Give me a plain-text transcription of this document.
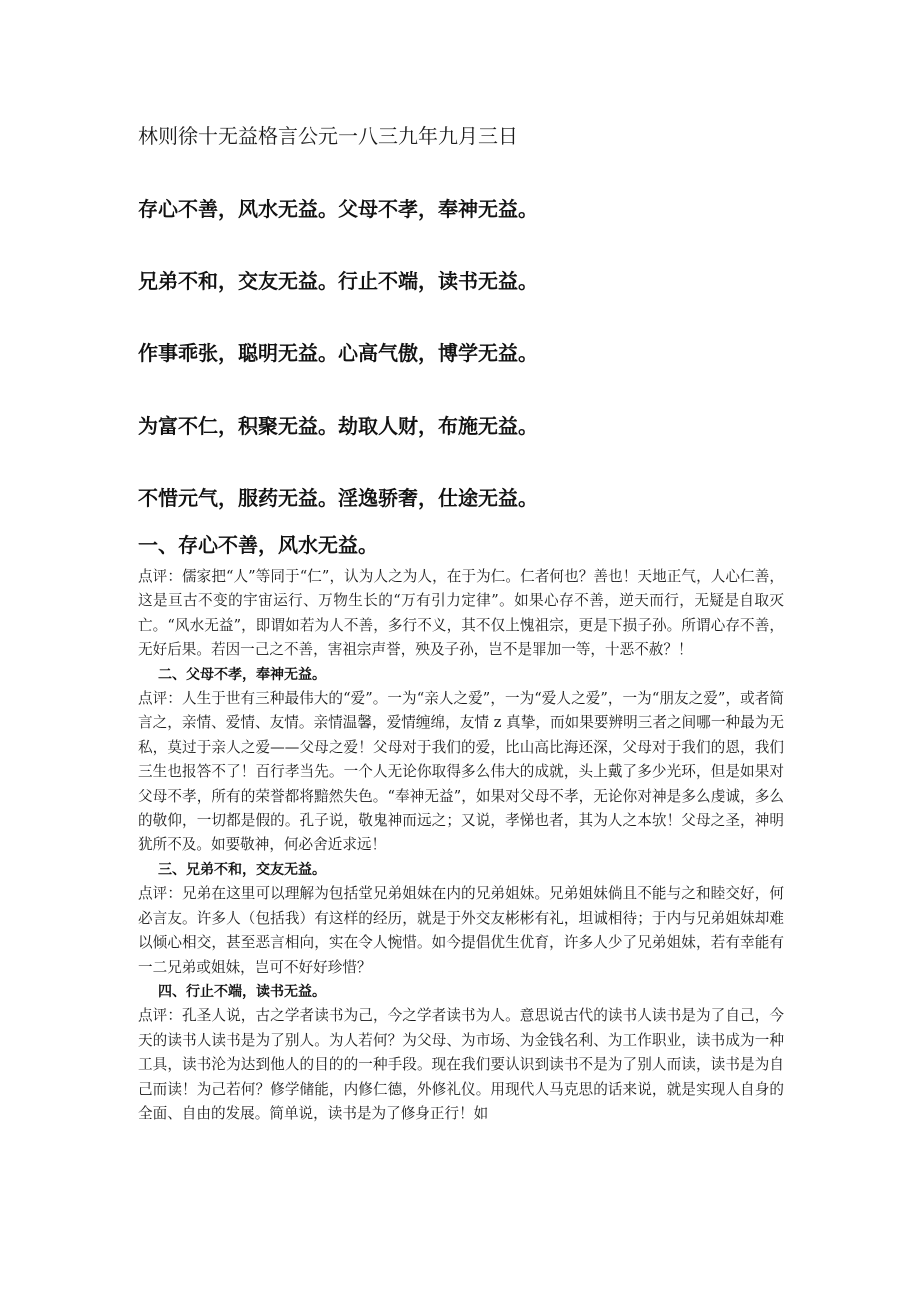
林则徐十无益格言公元一八三九年九月三日
存心不善，风水无益。父母不孝，奉神无益。
兄弟不和，交友无益。行止不端，读书无益。
作事乖张，聪明无益。心高气傲，博学无益。
为富不仁，积聚无益。劫取人财，布施无益。
不惜元气，服药无益。淫逸骄奢，仕途无益。
一、存心不善，风水无益。

点评：儒家把“人”等同于“仁”，认为人之为人，在于为仁。仁者何也？善也！天地正气，人心仁善，这是亘古不变的宇宙运行、万物生长的“万有引力定律”。如果心存不善，逆天而行，无疑是自取灭亡。“风水无益”，即谓如若为人不善，多行不义，其不仅上愧祖宗，更是下损子孙。所谓心存不善，无好后果。若因一己之不善，害祖宗声誉，殃及子孙，岂不是罪加一等，十恶不赦？！

二、父母不孝，奉神无益。

点评：人生于世有三种最伟大的“爱”。一为“亲人之爱”，一为“爱人之爱”，一为“朋友之爱”，或者简言之，亲情、爱情、友情。亲情温馨，爱情缠绵，友情 z 真挚，而如果要辨明三者之间哪一种最为无私，莫过于亲人之爱——父母之爱！父母对于我们的爱，比山高比海还深，父母对于我们的恩，我们三生也报答不了！百行孝当先。一个人无论你取得多么伟大的成就，头上戴了多少光环，但是如果对父母不孝，所有的荣誉都将黯然失色。“奉神无益”，如果对父母不孝，无论你对神是多么虔诚，多么的敬仰，一切都是假的。孔子说，敬鬼神而远之；又说，孝悌也者，其为人之本欤！父母之圣，神明犹所不及。如要敬神，何必舍近求远！

三、兄弟不和，交友无益。

点评：兄弟在这里可以理解为包括堂兄弟姐妹在内的兄弟姐妹。兄弟姐妹倘且不能与之和睦交好，何必言友。许多人（包括我）有这样的经历，就是于外交友彬彬有礼，坦诚相待；于内与兄弟姐妹却难以倾心相交，甚至恶言相向，实在令人惋惜。如今提倡优生优育，许多人少了兄弟姐妹，若有幸能有一二兄弟或姐妹，岂可不好好珍惜？

四、行止不端，读书无益。

点评：孔圣人说，古之学者读书为己，今之学者读书为人。意思说古代的读书人读书是为了自己，今天的读书人读书是为了别人。为人若何？为父母、为市场、为金钱名利、为工作职业，读书成为一种工具，读书沦为达到他人的目的的一种手段。现在我们要认识到读书不是为了别人而读，读书是为自己而读！为己若何？修学储能，内修仁德，外修礼仪。用现代人马克思的话来说，就是实现人自身的全面、自由的发展。简单说，读书是为了修身正行！如
